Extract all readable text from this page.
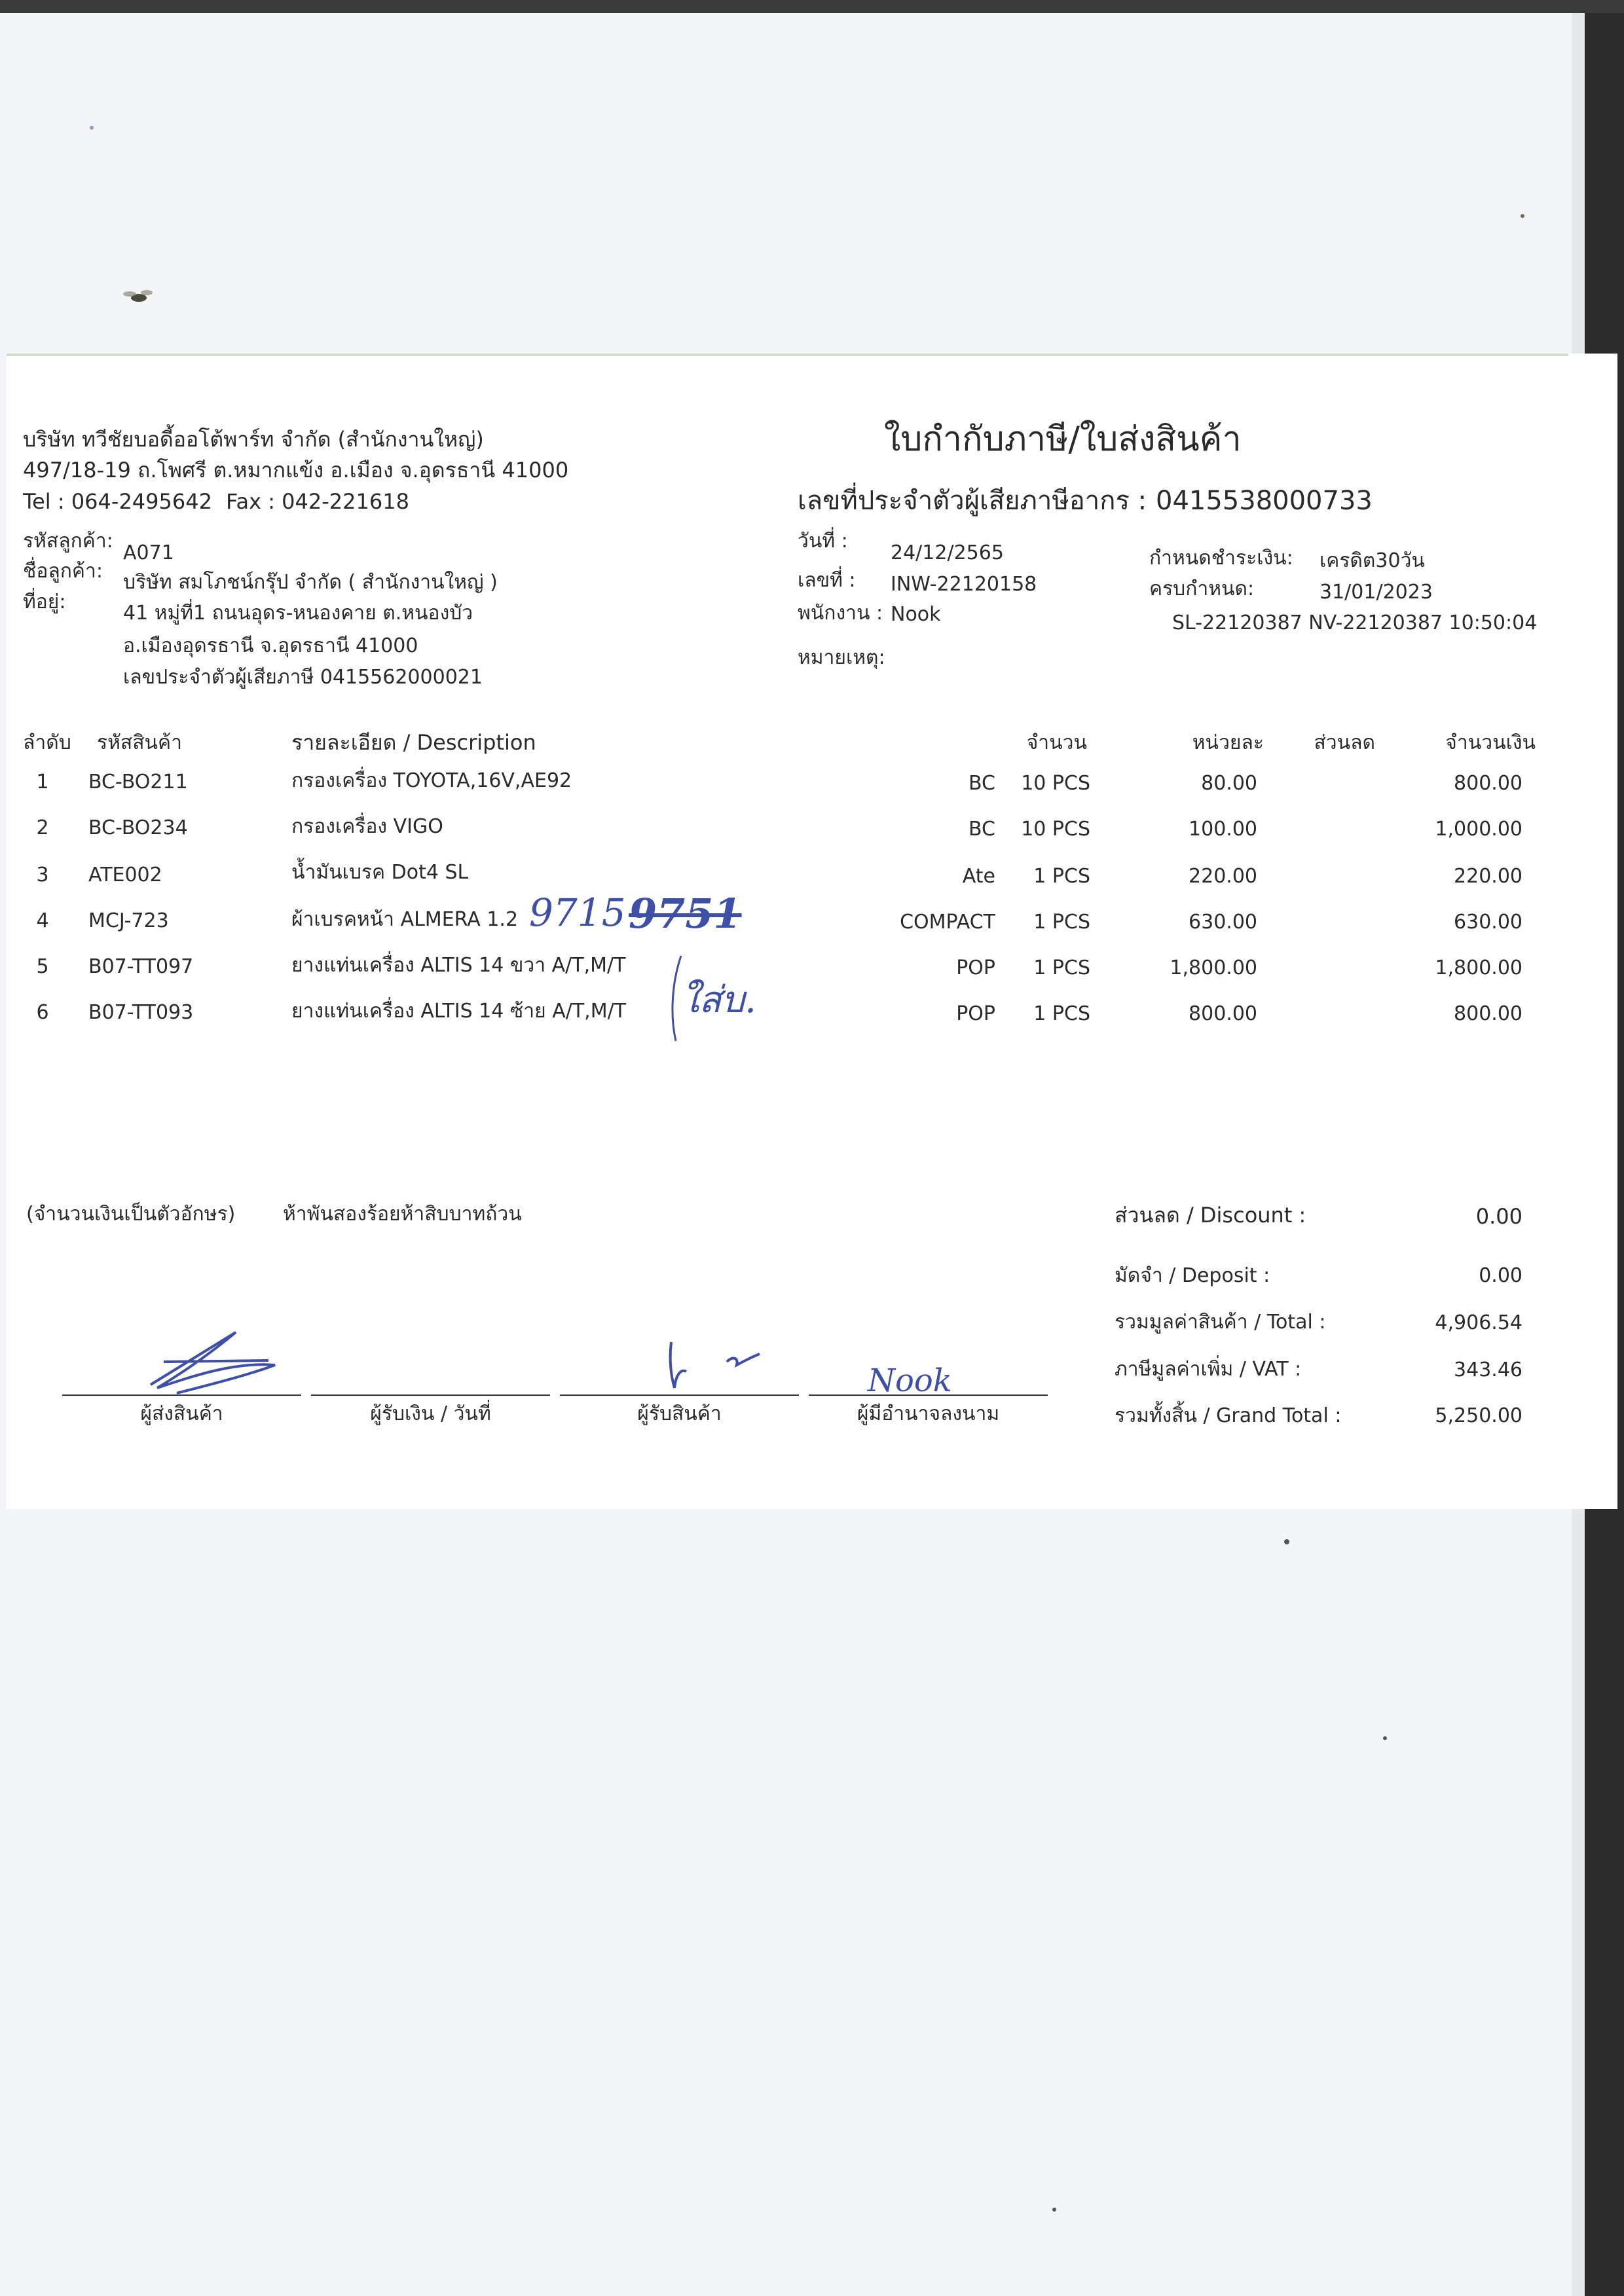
บริษัท ทวีชัยบอดี้ออโต้พาร์ท จำกัด (สำนักงานใหญ่)
497/18-19 ถ.โพศรี ต.หมากแข้ง อ.เมือง จ.อุดรธานี 41000
Tel : 064-2495642 Fax : 042-221618
ใบกำกับภาษี/ใบส่งสินค้า
เลขที่ประจำตัวผู้เสียภาษีอากร : 0415538000733
รหัสลูกค้า:
A071
ชื่อลูกค้า: บริษัท สมโภชน์กรุ๊ป จำกัด ( สำนักงานใหญ่ )
ที่อยู่:	41 หมู่ที่1 ถนนอุดร-หนองคาย ต.หนองบัว
อ.เมืองอุดรธานี จ.อุดรธานี 41000
เลขประจำตัวผู้เสียภาษี 0415562000021
วันที่ :
24/12/2565
เลขที่ : INW-22120158
พนักงาน : Nook
หมายเหตุ:
กำหนดชำระเงิน: เครดิต30วัน
ครบกำหนด:	31/01/2023
SL-22120387 NV-22120387 10:50:04
ลำดับ รหัสสินค้า	รายละเอียด / Description	จำนวน	หน่วยละ	ส่วนลด	จำนวนเงิน
1	BC-BO211	กรองเครื่อง TOYOTA,16V,AE92	BC	10 PCS	80.00	800.00
2	BC-BO234	กรองเครื่อง VIGO	BC	10 PCS	100.00	1,000.00
3	ATE002	น้ำมันเบรค Dot4 SL	Ate	1 PCS	220.00	220.00
4	MCJ-723	ผ้าเบรคหน้า ALMERA 1.2	COMPACT	1 PCS	630.00	630.00
5	B07-TT097	ยางแท่นเครื่อง ALTIS 14 ขวา A/T,M/T	POP	1 PCS	1,800.00	1,800.00
6	B07-TT093	ยางแท่นเครื่อง ALTIS 14 ซ้าย A/T,M/T	POP	1 PCS	800.00	800.00
9715 9751
ใส่บ.
(จำนวนเงินเป็นตัวอักษร) ห้าพันสองร้อยห้าสิบบาทถ้วน	ส่วนลด / Discount :	0.00
มัดจำ / Deposit :	0.00
รวมมูลค่าสินค้า / Total :	4,906.54
ภาษีมูลค่าเพิ่ม / VAT :	343.46
รวมทั้งสิ้น / Grand Total :	5,250.00
Nook
ผู้ส่งสินค้า	ผู้รับเงิน / วันที่	ผู้รับสินค้า	ผู้มีอำนาจลงนาม
